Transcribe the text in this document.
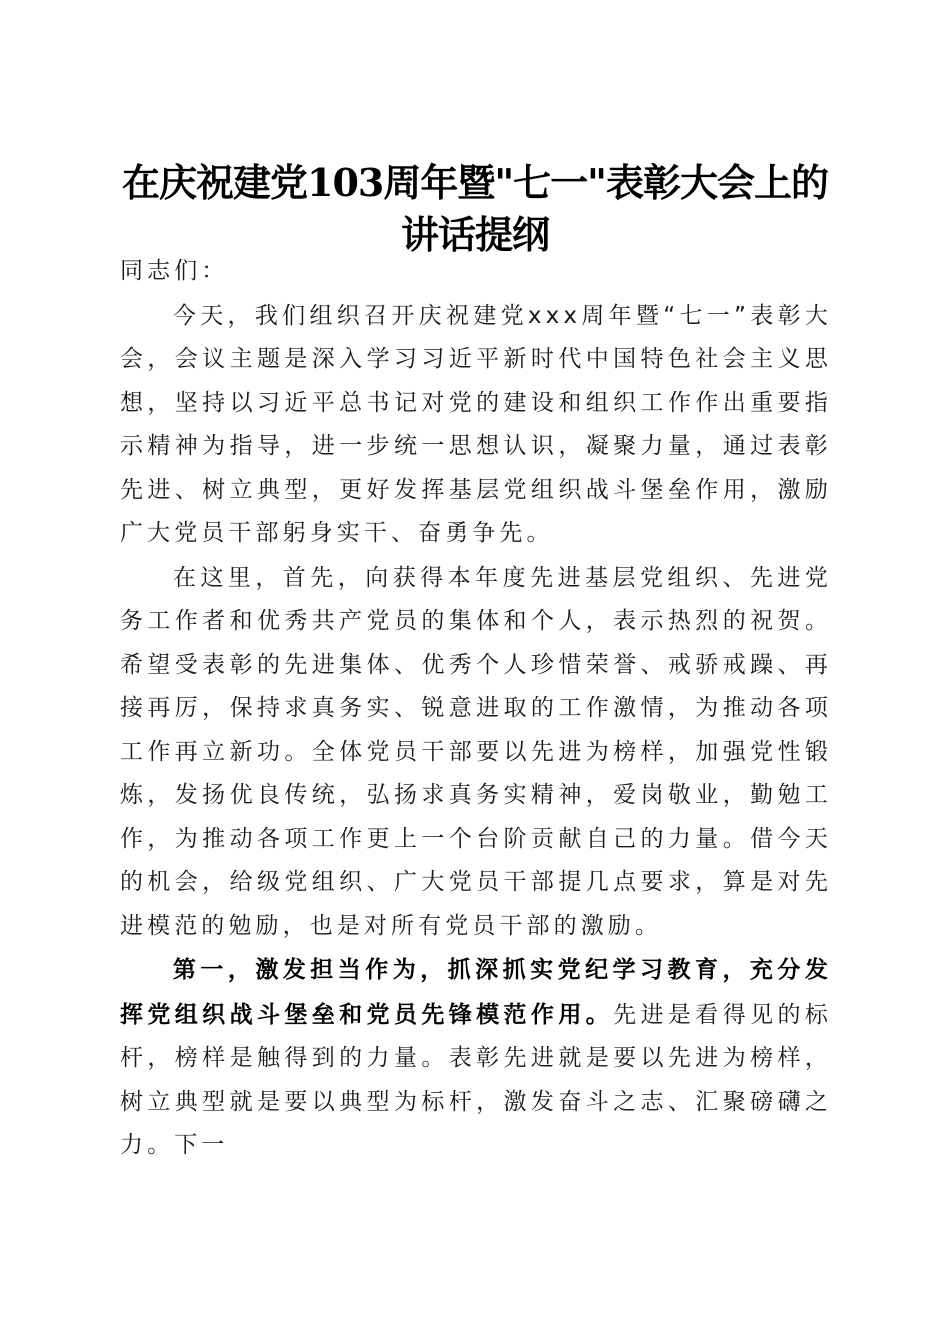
在庆祝建党103周年暨"七一"表彰大会上的
讲话提纲

同志们：

今天，我们组织召开庆祝建党xxx周年暨“七一”表彰大会，会议主题是深入学习习近平新时代中国特色社会主义思想，坚持以习近平总书记对党的建设和组织工作作出重要指示精神为指导，进一步统一思想认识，凝聚力量，通过表彰先进、树立典型，更好发挥基层党组织战斗堡垒作用，激励广大党员干部躬身实干、奋勇争先。

在这里，首先，向获得本年度先进基层党组织、先进党务工作者和优秀共产党员的集体和个人，表示热烈的祝贺。希望受表彰的先进集体、优秀个人珍惜荣誉、戒骄戒躁、再接再厉，保持求真务实、锐意进取的工作激情，为推动各项工作再立新功。全体党员干部要以先进为榜样，加强党性锻炼，发扬优良传统，弘扬求真务实精神，爱岗敬业，勤勉工作，为推动各项工作更上一个台阶贡献自己的力量。借今天的机会，给级党组织、广大党员干部提几点要求，算是对先进模范的勉励，也是对所有党员干部的激励。

第一，激发担当作为，抓深抓实党纪学习教育，充分发挥党组织战斗堡垒和党员先锋模范作用。先进是看得见的标杆，榜样是触得到的力量。表彰先进就是要以先进为榜样，树立典型就是要以典型为标杆，激发奋斗之志、汇聚磅礴之力。下一
